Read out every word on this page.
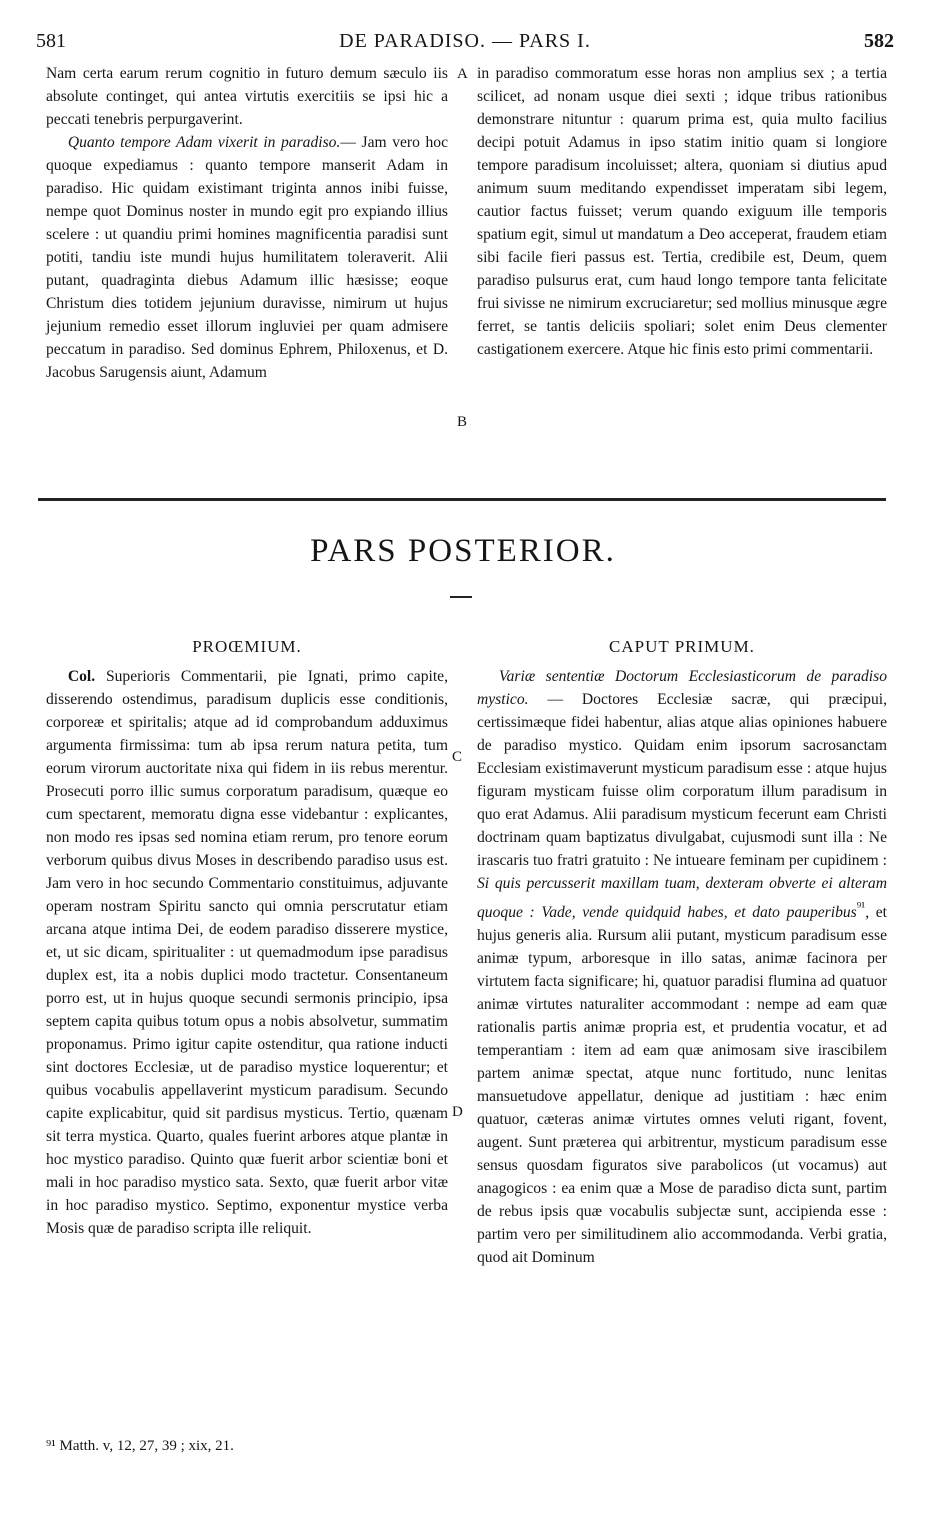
581	DE PARADISO. — PARS I.	582

Nam certa earum rerum cognitio in futuro demum sæculo iis absolute continget, qui antea virtutis exercitiis se ipsi hic a peccati tenebris perpurgaverint.

Quanto tempore Adam vixerit in paradiso.— Jam vero hoc quoque expediamus : quanto tempore manserit Adam in paradiso. Hic quidam existimant triginta annos inibi fuisse, nempe quot Dominus noster in mundo egit pro expiando illius scelere : ut quandiu primi homines magnificentia paradisi sunt potiti, tandiu iste mundi hujus humilitatem toleraverit. Alii putant, quadraginta diebus Adamum illic hæsisse; eoque Christum dies totidem jejunium duravisse, nimirum ut hujus jejunium remedio esset illorum ingluviei per quam admisere peccatum in paradiso. Sed dominus Ephrem, Philoxenus, et D. Jacobus Sarugensis aiunt, Adamum

in paradiso commoratum esse horas non amplius sex ; a tertia scilicet, ad nonam usque diei sexti ; idque tribus rationibus demonstrare nituntur : quarum prima est, quia multo facilius decipi potuit Adamus in ipso statim initio quam si longiore tempore paradisum incoluisset; altera, quoniam si diutius apud animum suum meditando expendisset imperatam sibi legem, cautior factus fuisset; verum quando exiguum ille temporis spatium egit, simul ut mandatum a Deo acceperat, fraudem etiam sibi facile fieri passus est. Tertia, credibile est, Deum, quem paradiso pulsurus erat, cum haud longo tempore tanta felicitate frui sivisse ne nimirum excruciaretur; sed mollius minusque ægre ferret, se tantis deliciis spoliari; solet enim Deus clementer castigationem exercere. Atque hic finis esto primi commentarii.

A
B
PARS POSTERIOR.
PROŒMIUM.	CAPUT PRIMUM.

Col. Superioris Commentarii, pie Ignati, primo capite, disserendo ostendimus, paradisum duplicis esse conditionis, corporeæ et spiritalis; atque ad id comprobandum adduximus argumenta firmissima: tum ab ipsa rerum natura petita, tum eorum virorum auctoritate nixa qui fidem in iis rebus merentur. Prosecuti porro illic sumus corporatum paradisum, quæque eo cum spectarent, memoratu digna esse videbantur : explicantes, non modo res ipsas sed nomina etiam rerum, pro tenore eorum verborum quibus divus Moses in describendo paradiso usus est. Jam vero in hoc secundo Commentario constituimus, adjuvante operam nostram Spiritu sancto qui omnia perscrutatur etiam arcana atque intima Dei, de eodem paradiso disserere mystice, et, ut sic dicam, spiritualiter : ut quemadmodum ipse paradisus duplex est, ita a nobis duplici modo tractetur. Consentaneum porro est, ut in hujus quoque secundi sermonis principio, ipsa septem capita quibus totum opus a nobis absolvetur, summatim proponamus. Primo igitur capite ostenditur, qua ratione inducti sint doctores Ecclesiæ, ut de paradiso mystice loquerentur; et quibus vocabulis appellaverint mysticum paradisum. Secundo capite explicabitur, quid sit pardisus mysticus. Tertio, quænam sit terra mystica. Quarto, quales fuerint arbores atque plantæ in hoc mystico paradiso. Quinto quæ fuerit arbor scientiæ boni et mali in hoc paradiso mystico sata. Sexto, quæ fuerit arbor vitæ in hoc paradiso mystico. Septimo, exponentur mystice verba Mosis quæ de paradiso scripta ille reliquit.

Variæ sententiæ Doctorum Ecclesiasticorum de paradiso mystico. — Doctores Ecclesiæ sacræ, qui præcipui, certissimæque fidei habentur, alias atque alias opiniones habuere de paradiso mystico. Quidam enim ipsorum sacrosanctam Ecclesiam existimaverunt mysticum paradisum esse : atque hujus figuram mysticam fuisse olim corporatum illum paradisum in quo erat Adamus. Alii paradisum mysticum fecerunt eam Christi doctrinam quam baptizatus divulgabat, cujusmodi sunt illa : Ne irascaris tuo fratri gratuito : Ne intueare feminam per cupidinem : Si quis percusserit maxillam tuam, dexteram obverte ei alteram quoque : Vade, vende quidquid habes, et dato pauperibus$^{^{91}}$, et hujus generis alia. Rursum alii putant, mysticum paradisum esse animæ typum, arboresque in illo satas, animæ facinora per virtutem facta significare; hi, quatuor paradisi flumina ad quatuor animæ virtutes naturaliter accommodant : nempe ad eam quæ rationalis partis animæ propria est, et prudentia vocatur, et ad temperantiam : item ad eam quæ animosam sive irascibilem partem animæ spectat, atque nunc fortitudo, nunc lenitas mansuetudove appellatur, denique ad justitiam : hæc enim quatuor, cæteras animæ virtutes omnes veluti rigant, fovent, augent. Sunt præterea qui arbitrentur, mysticum paradisum esse sensus quosdam figuratos sive parabolicos (ut vocamus) aut anagogicos : ea enim quæ a Mose de paradiso dicta sunt, partim de rebus ipsis quæ vocabulis subjectæ sunt, accipienda esse : partim vero per similitudinem alio accommodanda. Verbi gratia, quod ait Dominum

C
D
⁹¹ Matth. v, 12, 27, 39 ; xix, 21.
